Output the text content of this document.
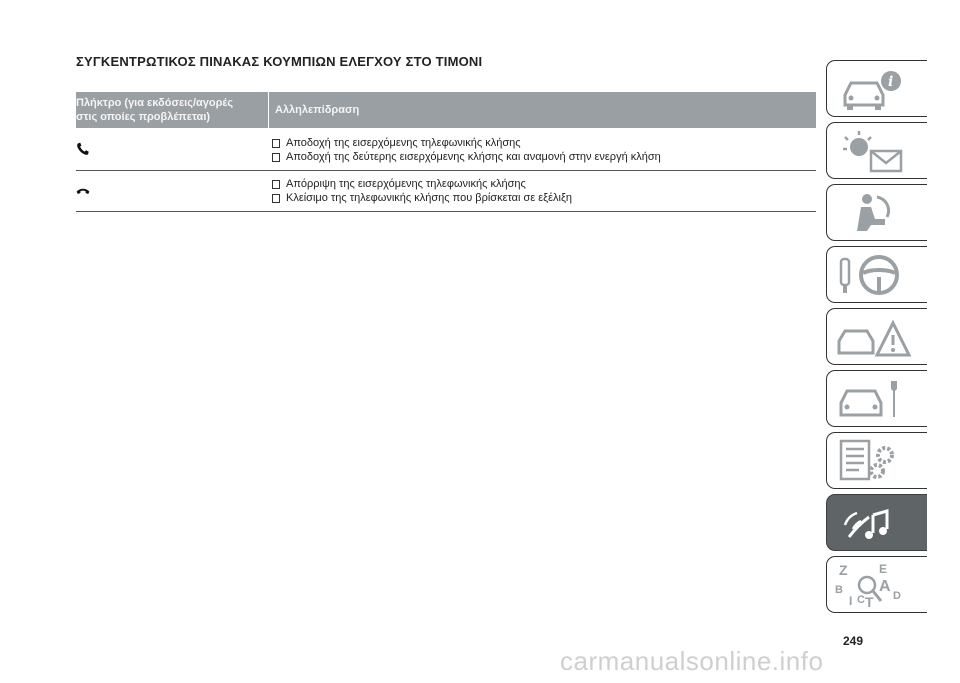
ΣΥΓΚΕΝΤΡΩΤΙΚΟΣ ΠΙΝΑΚΑΣ ΚΟΥΜΠΙΩΝ ΕΛΕΓΧΟΥ ΣΤΟ ΤΙΜΟΝΙ
Πλήκτρο (για εκδόσεις/αγορές
στις οποίες προβλέπεται)
Αλληλεπίδραση
Αποδοχή της εισερχόμενης τηλεφωνικής κλήσης
Αποδοχή της δεύτερης εισερχόμενης κλήσης και αναμονή στην ενεργή κλήση
Απόρριψη της εισερχόμενης τηλεφωνικής κλήσης
Κλείσιμο της τηλεφωνικής κλήσης που βρίσκεται σε εξέλιξη
i
Z	E
A
B	D
I C T
249
carmanualsonline.info
